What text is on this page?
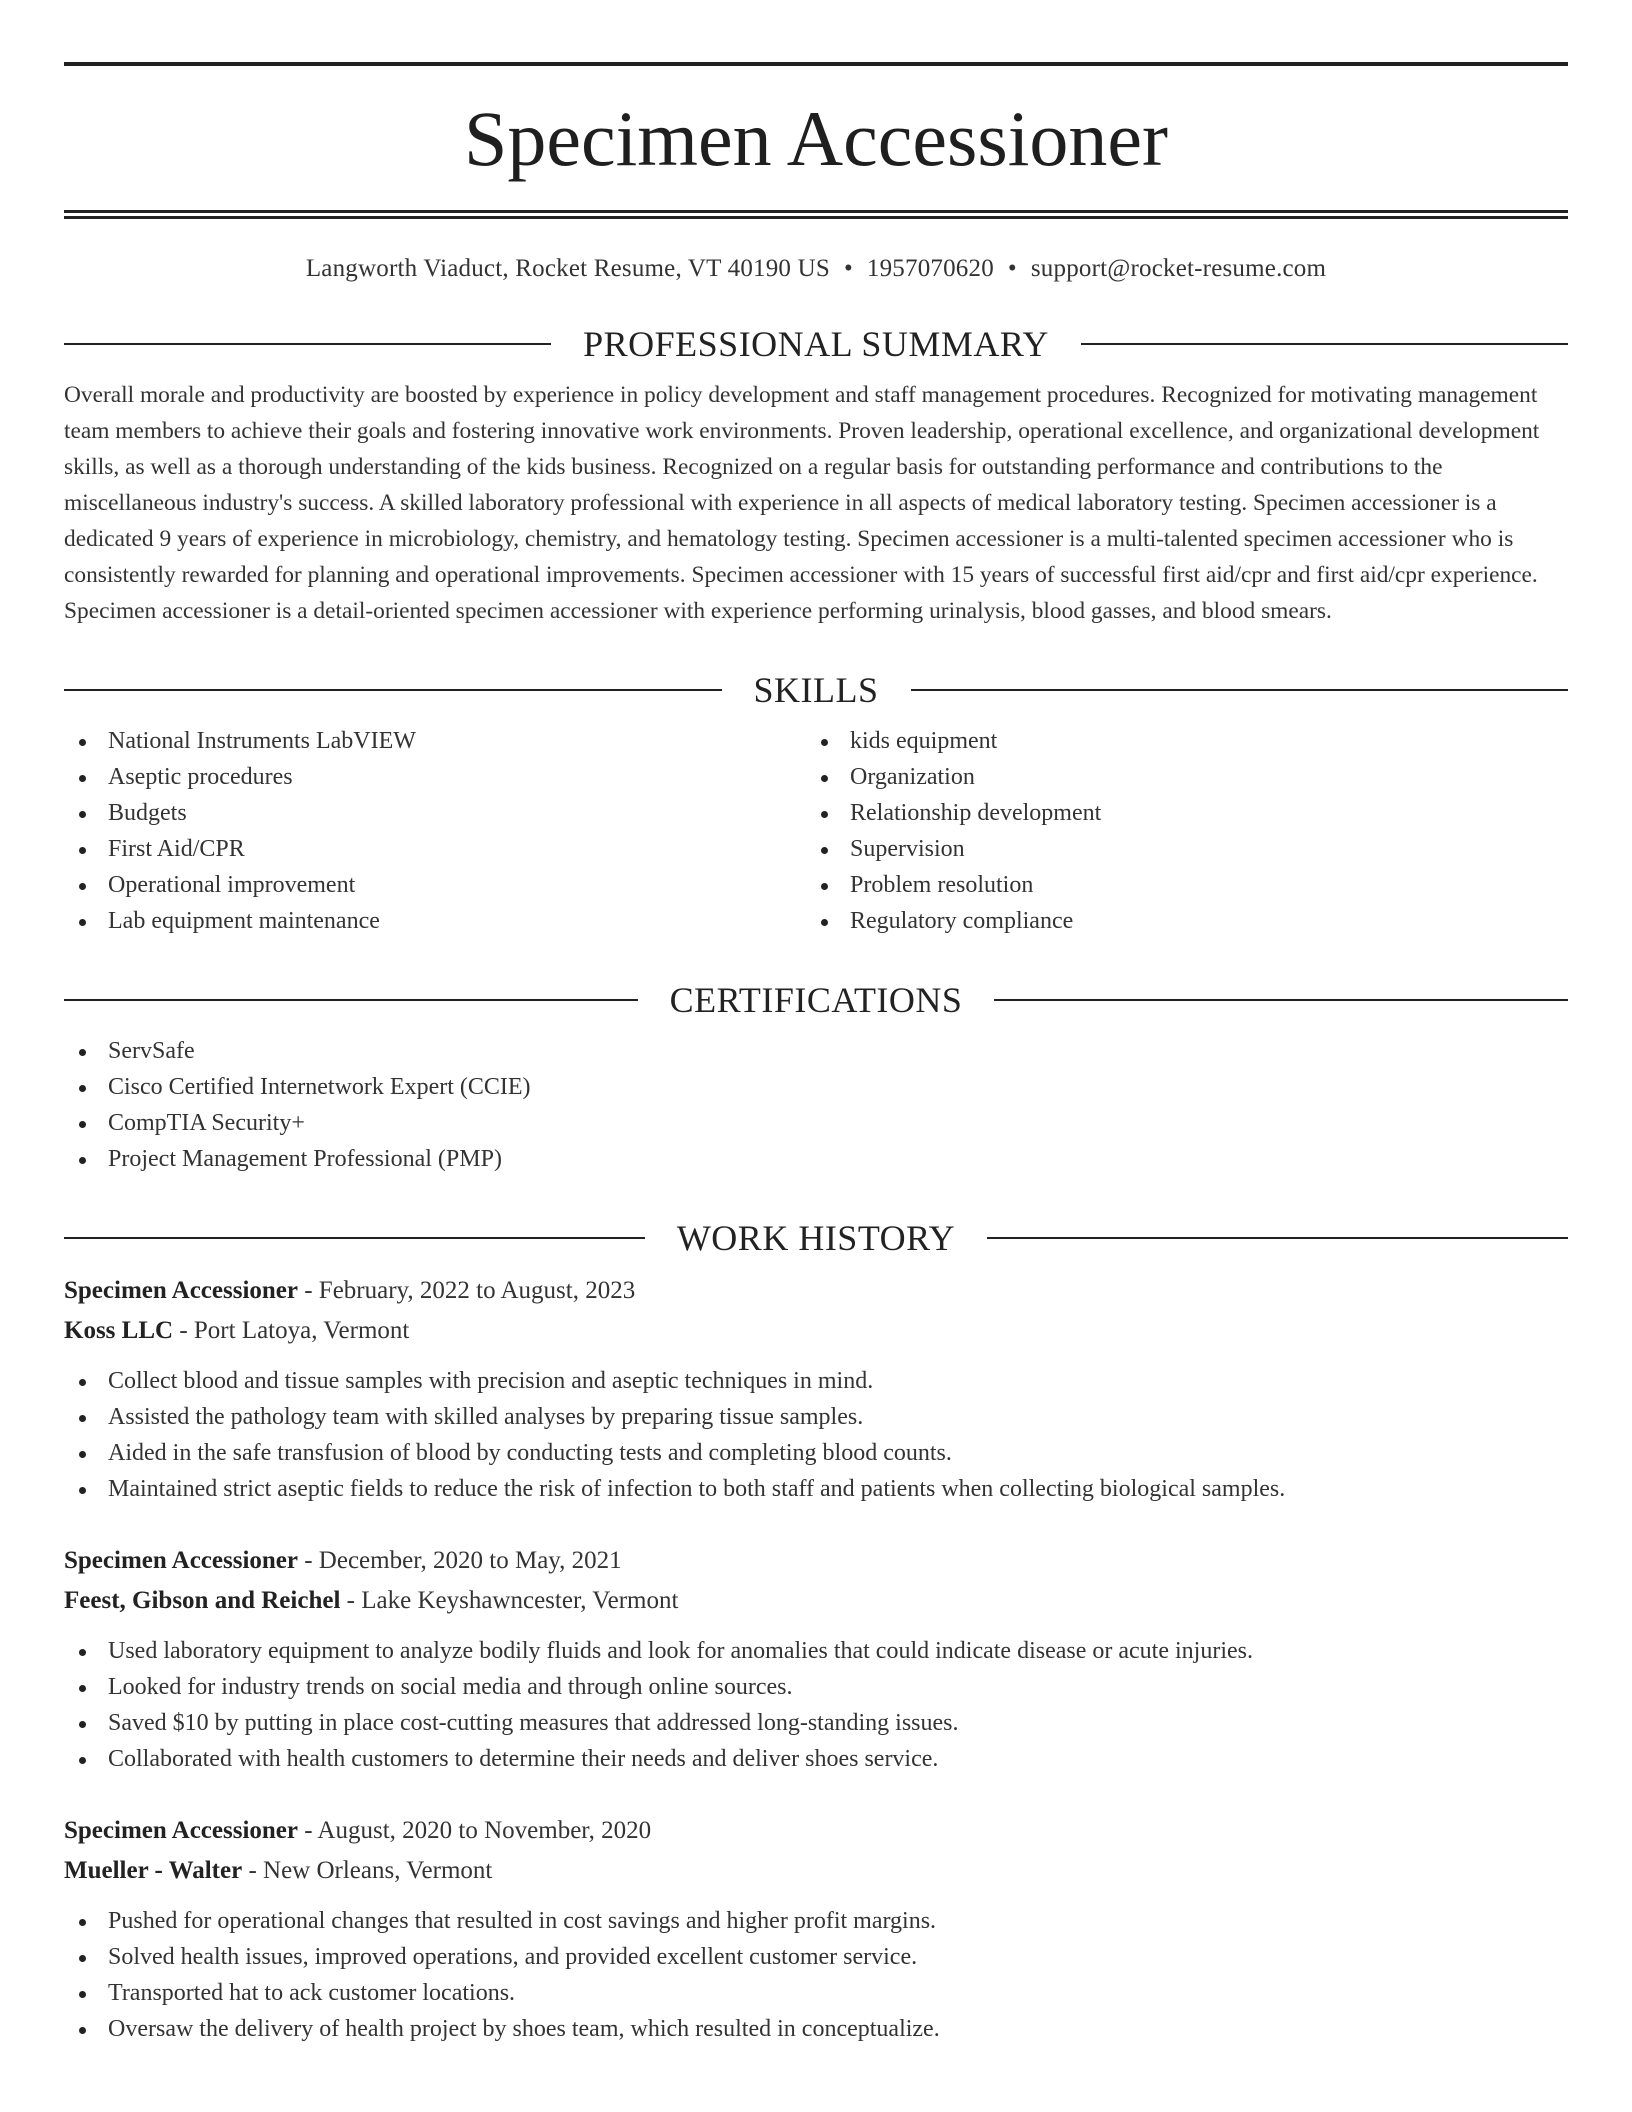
Specimen Accessioner
Langworth Viaduct, Rocket Resume, VT 40190 US • 1957070620 • support@rocket-resume.com
PROFESSIONAL SUMMARY

Overall morale and productivity are boosted by experience in policy development and staff management procedures. Recognized for motivating management team members to achieve their goals and fostering innovative work environments. Proven leadership, operational excellence, and organizational development skills, as well as a thorough understanding of the kids business. Recognized on a regular basis for outstanding performance and contributions to the miscellaneous industry's success. A skilled laboratory professional with experience in all aspects of medical laboratory testing. Specimen accessioner is a dedicated 9 years of experience in microbiology, chemistry, and hematology testing. Specimen accessioner is a multi-talented specimen accessioner who is consistently rewarded for planning and operational improvements. Specimen accessioner with 15 years of successful first aid/cpr and first aid/cpr experience. Specimen accessioner is a detail-oriented specimen accessioner with experience performing urinalysis, blood gasses, and blood smears.

SKILLS
National Instruments LabVIEW
Aseptic procedures
Budgets
First Aid/CPR
Operational improvement
Lab equipment maintenance
kids equipment
Organization
Relationship development
Supervision
Problem resolution
Regulatory compliance
CERTIFICATIONS
ServSafe
Cisco Certified Internetwork Expert (CCIE)
CompTIA Security+
Project Management Professional (PMP)
WORK HISTORY
Specimen Accessioner - February, 2022 to August, 2023
Koss LLC - Port Latoya, Vermont
Collect blood and tissue samples with precision and aseptic techniques in mind.
Assisted the pathology team with skilled analyses by preparing tissue samples.
Aided in the safe transfusion of blood by conducting tests and completing blood counts.
Maintained strict aseptic fields to reduce the risk of infection to both staff and patients when collecting biological samples.
Specimen Accessioner - December, 2020 to May, 2021
Feest, Gibson and Reichel - Lake Keyshawncester, Vermont
Used laboratory equipment to analyze bodily fluids and look for anomalies that could indicate disease or acute injuries.
Looked for industry trends on social media and through online sources.
Saved $10 by putting in place cost-cutting measures that addressed long-standing issues.
Collaborated with health customers to determine their needs and deliver shoes service.
Specimen Accessioner - August, 2020 to November, 2020
Mueller - Walter - New Orleans, Vermont
Pushed for operational changes that resulted in cost savings and higher profit margins.
Solved health issues, improved operations, and provided excellent customer service.
Transported hat to ack customer locations.
Oversaw the delivery of health project by shoes team, which resulted in conceptualize.
